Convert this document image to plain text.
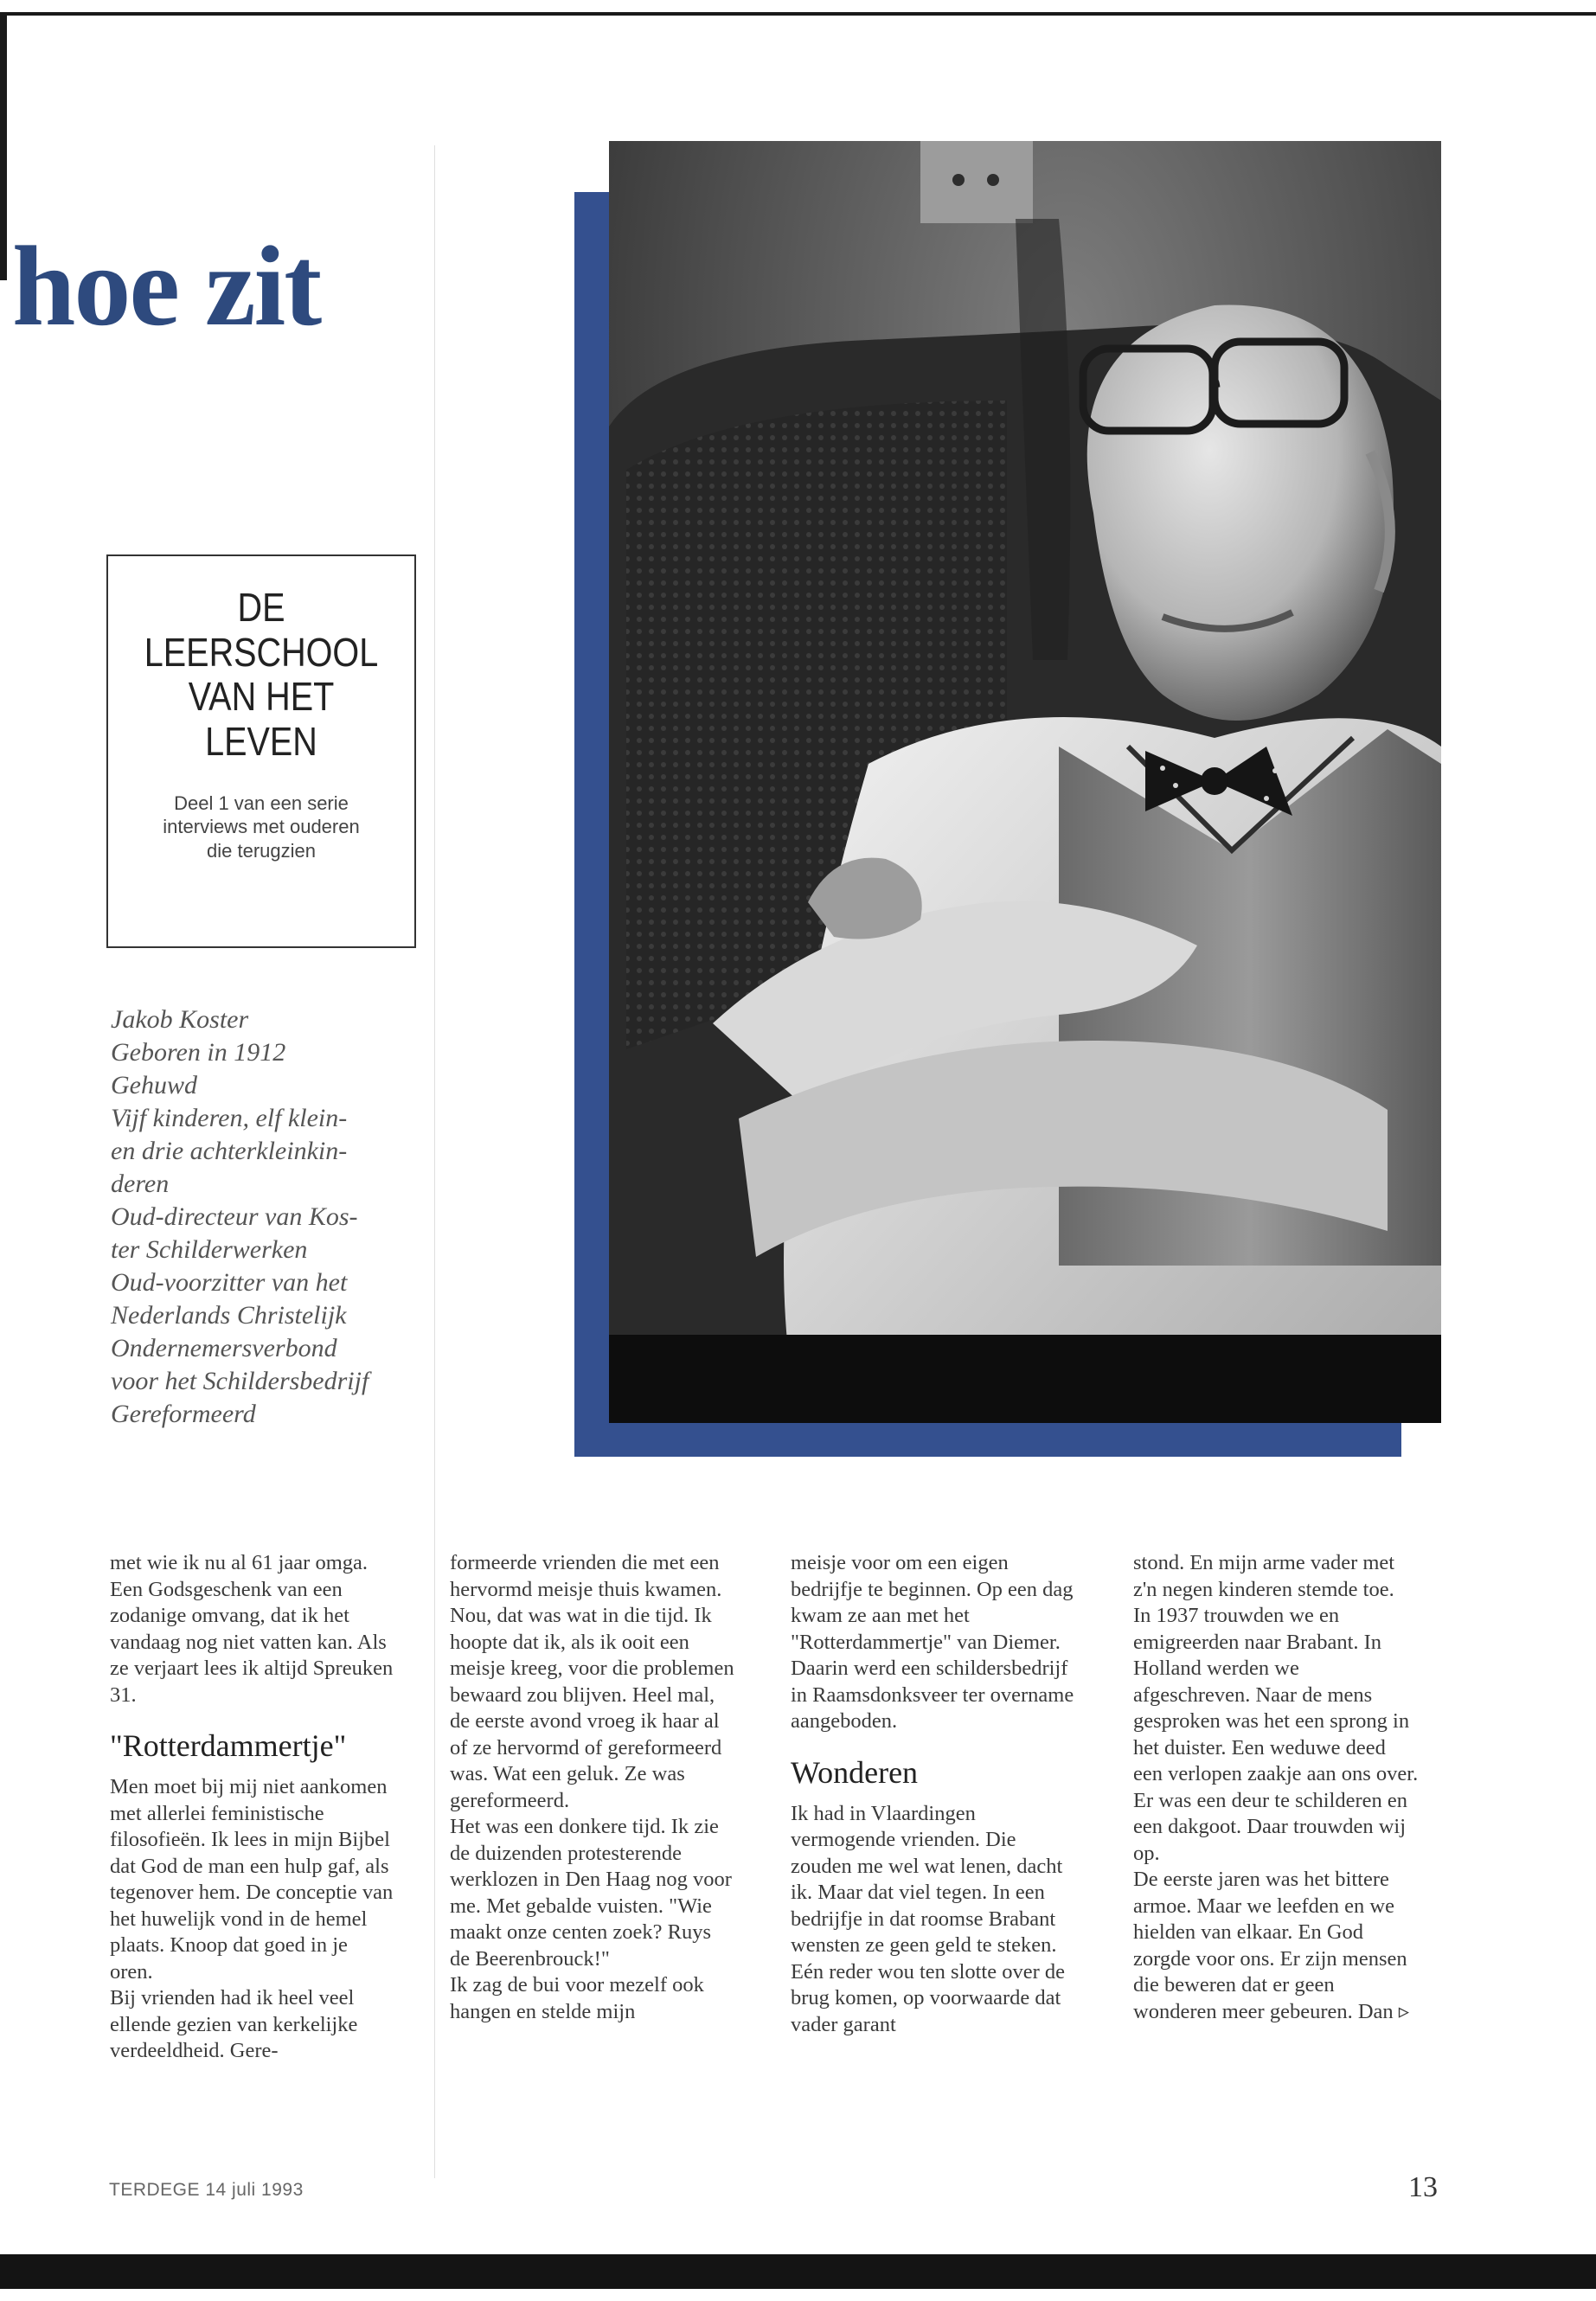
hoe zit
DE
LEERSCHOOL
VAN HET
LEVEN
Deel 1 van een serie
interviews met ouderen
die terugzien
Jakob Koster
Geboren in 1912
Gehuwd
Vijf kinderen, elf klein-
en drie achterkleinkin-
deren
Oud-directeur van Kos-
ter Schilderwerken
Oud-voorzitter van het
Nederlands Christelijk
Ondernemersverbond
voor het Schildersbedrijf
Gereformeerd

met wie ik nu al 61 jaar omga. Een Godsgeschenk van een zodanige omvang, dat ik het vandaag nog niet vatten kan. Als ze verjaart lees ik altijd Spreuken 31.

"Rotterdammertje"

Men moet bij mij niet aankomen met allerlei feministische filosofieën. Ik lees in mijn Bijbel dat God de man een hulp gaf, als tegenover hem. De conceptie van het huwelijk vond in de hemel plaats. Knoop dat goed in je oren.

Bij vrienden had ik heel veel ellende gezien van kerkelijke verdeeldheid. Gere-

formeerde vrienden die met een hervormd meisje thuis kwamen. Nou, dat was wat in die tijd. Ik hoopte dat ik, als ik ooit een meisje kreeg, voor die problemen bewaard zou blijven. Heel mal, de eerste avond vroeg ik haar al of ze hervormd of gereformeerd was. Wat een geluk. Ze was gereformeerd.

Het was een donkere tijd. Ik zie de duizenden protesterende werklozen in Den Haag nog voor me. Met gebalde vuisten. "Wie maakt onze centen zoek? Ruys de Beerenbrouck!"

Ik zag de bui voor mezelf ook hangen en stelde mijn

meisje voor om een eigen bedrijfje te beginnen. Op een dag kwam ze aan met het "Rotterdammertje" van Diemer. Daarin werd een schildersbedrijf in Raamsdonksveer ter overname aangeboden.

Wonderen

Ik had in Vlaardingen vermogende vrienden. Die zouden me wel wat lenen, dacht ik. Maar dat viel tegen. In een bedrijfje in dat roomse Brabant wensten ze geen geld te steken. Eén reder wou ten slotte over de brug komen, op voorwaarde dat vader garant

stond. En mijn arme vader met z'n negen kinderen stemde toe.

In 1937 trouwden we en emigreerden naar Brabant. In Holland werden we afgeschreven. Naar de mens gesproken was het een sprong in het duister. Een weduwe deed een verlopen zaakje aan ons over. Er was een deur te schilderen en een dakgoot. Daar trouwden wij op.

De eerste jaren was het bittere armoe. Maar we leefden en we hielden van elkaar. En God zorgde voor ons. Er zijn mensen die beweren dat er geen wonderen meer gebeuren. Dan ▹

TERDEGE 14 juli 1993	13
